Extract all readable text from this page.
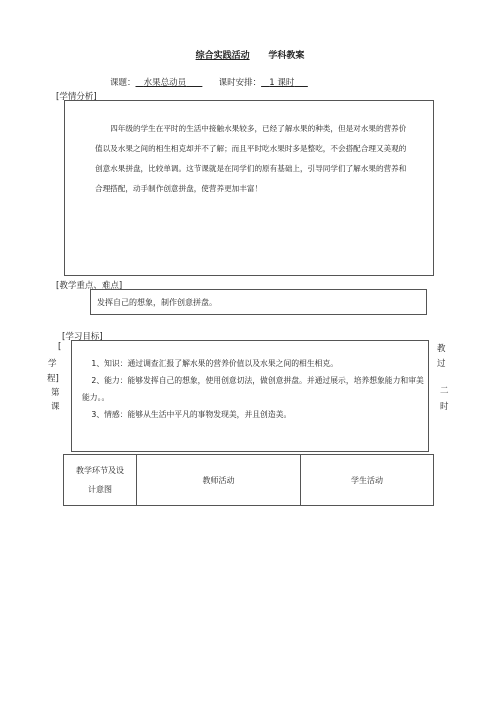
综合实践活动 学科教案
课题： 水果总动员	课时安排： 1 课时
[学情分析]
四年级的学生在平时的生活中接触水果较多，已经了解水果的种类，但是对水果的营养价值以及水果之间的相生相克却并不了解；而且平时吃水果时多是整吃，不会搭配合理又美观的创意水果拼盘，比较单调。这节课就是在同学们的原有基础上，引导同学们了解水果的营养和合理搭配，动手制作创意拼盘，使营养更加丰富！
[教学重点、难点]
发挥自己的想象，制作创意拼盘。
[学习目标]
1、知识：通过调查汇报了解水果的营养价值以及水果之间的相生相克。
2、能力：能够发挥自己的想象，使用创意切法，做创意拼盘。并通过展示，培养想象能力和审美能力。。
3、情感：能够从生活中平凡的事物发现美，并且创造美。
[
学
程]
第
课
教
过
二
时
教学环节及设
计意图
	教师活动	学生活动
